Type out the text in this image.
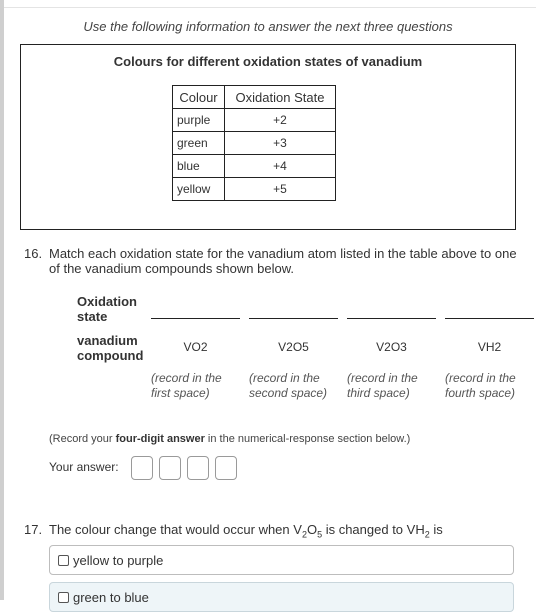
Use the following information to answer the next three questions
Colours for different oxidation states of vanadium
Colour	Oxidation State
purple	+2
green	+3
blue	+4
yellow	+5
16. Match each oxidation state for the vanadium atom listed in the table above to one of the vanadium compounds shown below.
Oxidation state
vanadium compound
VO2	V2O5	V2O3	VH2
(record in the first space)
(record in the second space)
(record in the third space)
(record in the fourth space)
(Record your four-digit answer in the numerical-response section below.)
Your answer:
17. The colour change that would occur when $V_2O_5$ is changed to $VH_2$ is
yellow to purple
green to blue
